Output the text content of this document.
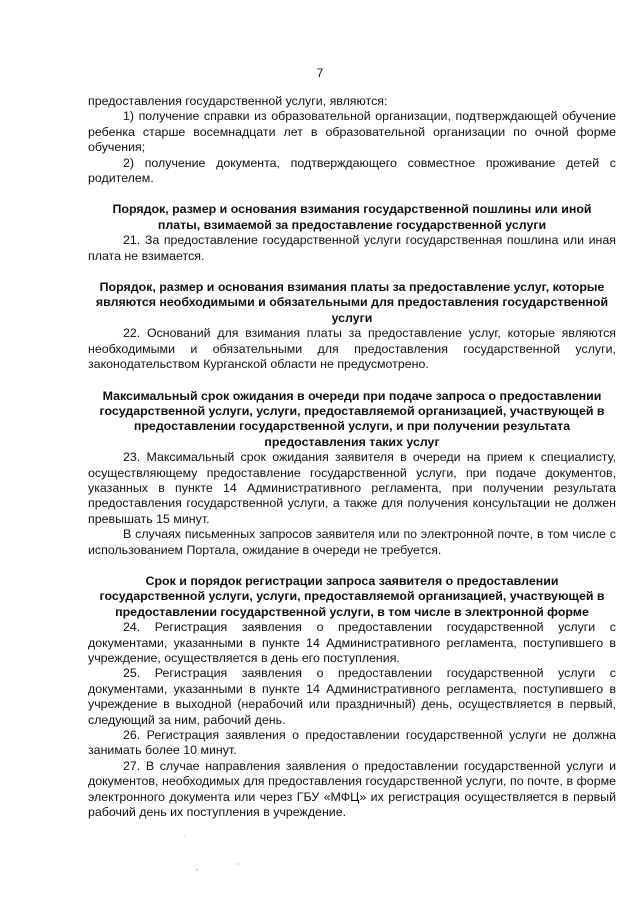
7

предоставления государственной услуги, являются:

1) получение справки из образовательной организации, подтверждающей обучение ребенка старше восемнадцати лет в образовательной организации по очной форме обучения;

2) получение документа, подтверждающего совместное проживание детей с родителем.

Порядок, размер и основания взимания государственной пошлины или иной платы, взимаемой за предоставление государственной услуги

21. За предоставление государственной услуги государственная пошлина или иная плата не взимается.

Порядок, размер и основания взимания платы за предоставление услуг, которые являются необходимыми и обязательными для предоставления государственной услуги

22. Оснований для взимания платы за предоставление услуг, которые являются необходимыми и обязательными для предоставления государственной услуги, законодательством Курганской области не предусмотрено.

Максимальный срок ожидания в очереди при подаче запроса о предоставлении государственной услуги, услуги, предоставляемой организацией, участвующей в предоставлении государственной услуги, и при получении результата предоставления таких услуг

23. Максимальный срок ожидания заявителя в очереди на прием к специалисту, осуществляющему предоставление государственной услуги, при подаче документов, указанных в пункте 14 Административного регламента, при получении результата предоставления государственной услуги, а также для получения консультации не должен превышать 15 минут.

В случаях письменных запросов заявителя или по электронной почте, в том числе с использованием Портала, ожидание в очереди не требуется.

Срок и порядок регистрации запроса заявителя о предоставлении государственной услуги, услуги, предоставляемой организацией, участвующей в предоставлении государственной услуги, в том числе в электронной форме

24. Регистрация заявления о предоставлении государственной услуги с документами, указанными в пункте 14 Административного регламента, поступившего в учреждение, осуществляется в день его поступления.

25. Регистрация заявления о предоставлении государственной услуги с документами, указанными в пункте 14 Административного регламента, поступившего в учреждение в выходной (нерабочий или праздничный) день, осуществляется в первый, следующий за ним, рабочий день.

26. Регистрация заявления о предоставлении государственной услуги не должна занимать более 10 минут.

27. В случае направления заявления о предоставлении государственной услуги и документов, необходимых для предоставления государственной услуги, по почте, в форме электронного документа или через ГБУ «МФЦ» их регистрация осуществляется в первый рабочий день их поступления в учреждение.
